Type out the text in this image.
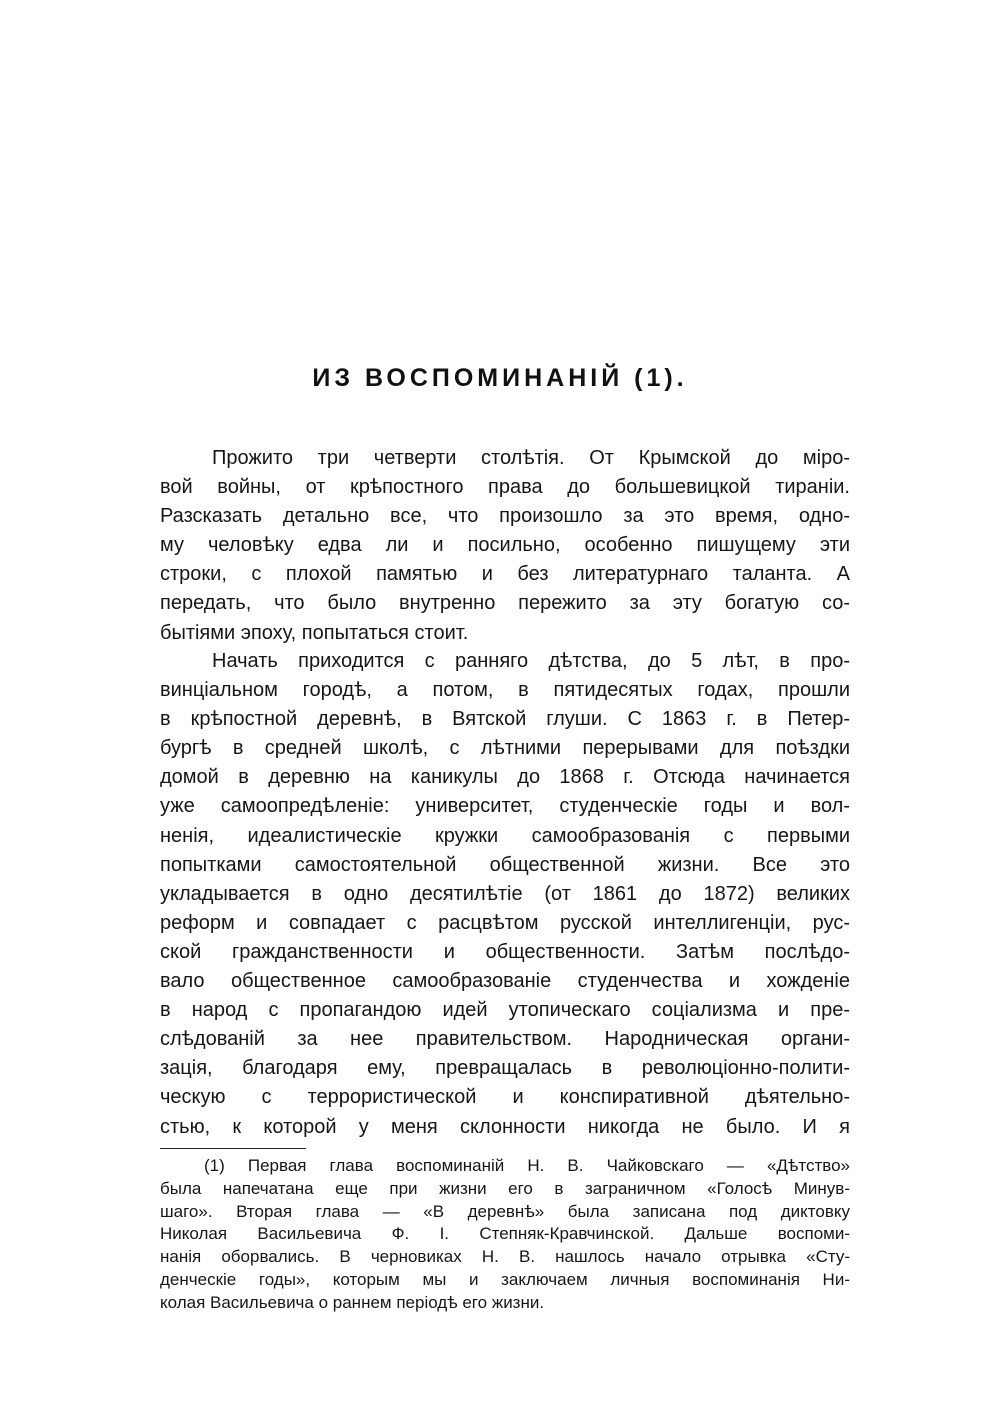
ИЗ ВОСПОМИНАНІЙ (1).
Прожито три четверти столѣтія. От Крымской до міро-
вой войны, от крѣпостного права до большевицкой тираніи.
Разсказать детально все, что произошло за это время, одно-
му человѣку едва ли и посильно, особенно пишущему эти
строки, с плохой памятью и без литературнаго таланта. А
передать, что было внутренно пережито за эту богатую со-
бытіями эпоху, попытаться стоит.
Начать приходится с ранняго дѣтства, до 5 лѣт, в про-
винціальном городѣ, а потом, в пятидесятых годах, прошли
в крѣпостной деревнѣ, в Вятской глуши. С 1863 г. в Петер-
бургѣ в средней школѣ, с лѣтними перерывами для поѣздки
домой в деревню на каникулы до 1868 г. Отсюда начинается
уже самоопредѣленіе: университет, студенческіе годы и вол-
ненія, идеалистическіе кружки самообразованія с первыми
попытками самостоятельной общественной жизни. Все это
укладывается в одно десятилѣтіе (от 1861 до 1872) великих
реформ и совпадает с расцвѣтом русской интеллигенціи, рус-
ской гражданственности и общественности. Затѣм послѣдо-
вало общественное самообразованіе студенчества и хожденіе
в народ с пропагандою идей утопическаго соціализма и пре-
слѣдованій за нее правительством. Народническая органи-
зація, благодаря ему, превращалась в революціонно-полити-
ческую с террористической и конспиративной дѣятельно-
стью, к которой у меня склонности никогда не было. И я
(1) Первая глава воспоминаній Н. В. Чайковскаго — «Дѣтство»
была напечатана еще при жизни его в заграничном «Голосѣ Минув-
шаго». Вторая глава — «В деревнѣ» была записана под диктовку
Николая Васильевича Ф. І. Степняк-Кравчинской. Дальше воспоми-
нанія оборвались. В черновиках Н. В. нашлось начало отрывка «Сту-
денческіе годы», которым мы и заключаем личныя воспоминанія Ни-
колая Васильевича о раннем періодѣ его жизни.
